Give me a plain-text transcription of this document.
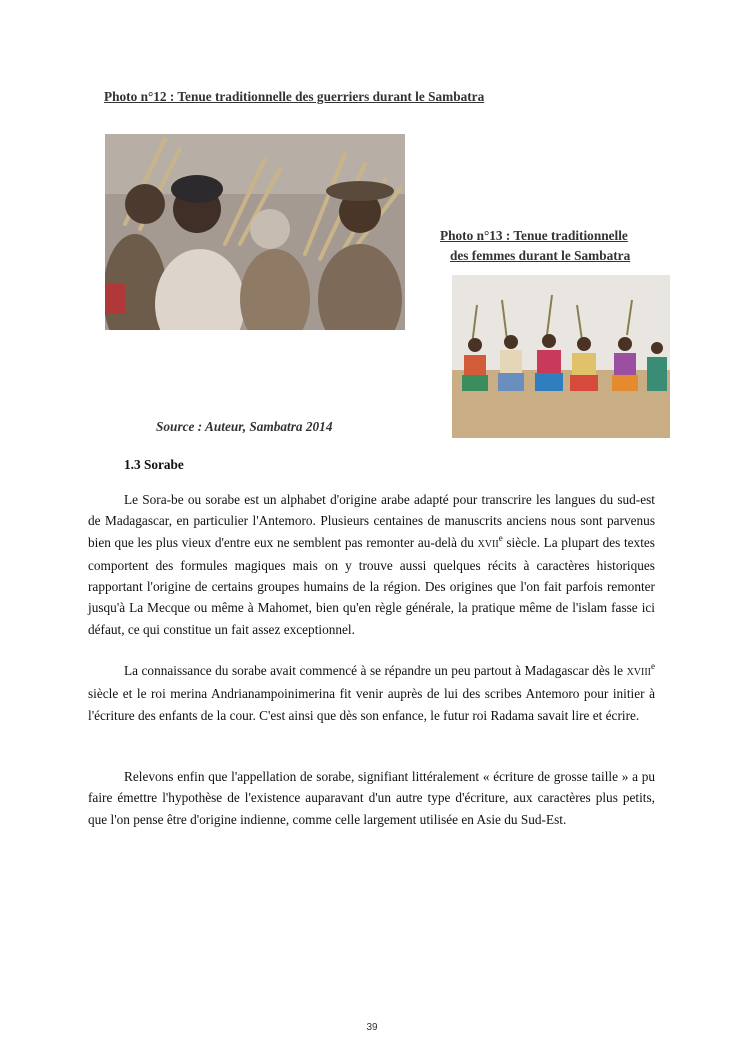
Photo n°12 : Tenue traditionnelle des guerriers durant le Sambatra
Photo n°13 : Tenue traditionnelle
des femmes durant le Sambatra
Source : Auteur, Sambatra 2014
1.3 Sorabe
Le Sora-be ou sorabe est un alphabet d'origine arabe adapté pour transcrire les langues du sud-est de Madagascar, en particulier l'Antemoro. Plusieurs centaines de manuscrits anciens nous sont parvenus bien que les plus vieux d'entre eux ne semblent pas remonter au-delà du XVIIe siècle. La plupart des textes comportent des formules magiques mais on y trouve aussi quelques récits à caractères historiques rapportant l'origine de certains groupes humains de la région. Des origines que l'on fait parfois remonter jusqu'à La Mecque ou même à Mahomet, bien qu'en règle générale, la pratique même de l'islam fasse ici défaut, ce qui constitue un fait assez exceptionnel.
La connaissance du sorabe avait commencé à se répandre un peu partout à Madagascar dès le XVIIIe siècle et le roi merina Andrianampoinimerina fit venir auprès de lui des scribes Antemoro pour initier à l'écriture des enfants de la cour. C'est ainsi que dès son enfance, le futur roi Radama savait lire et écrire.
Relevons enfin que l'appellation de sorabe, signifiant littéralement « écriture de grosse taille » a pu faire émettre l'hypothèse de l'existence auparavant d'un autre type d'écriture, aux caractères plus petits, que l'on pense être d'origine indienne, comme celle largement utilisée en Asie du Sud-Est.
39
